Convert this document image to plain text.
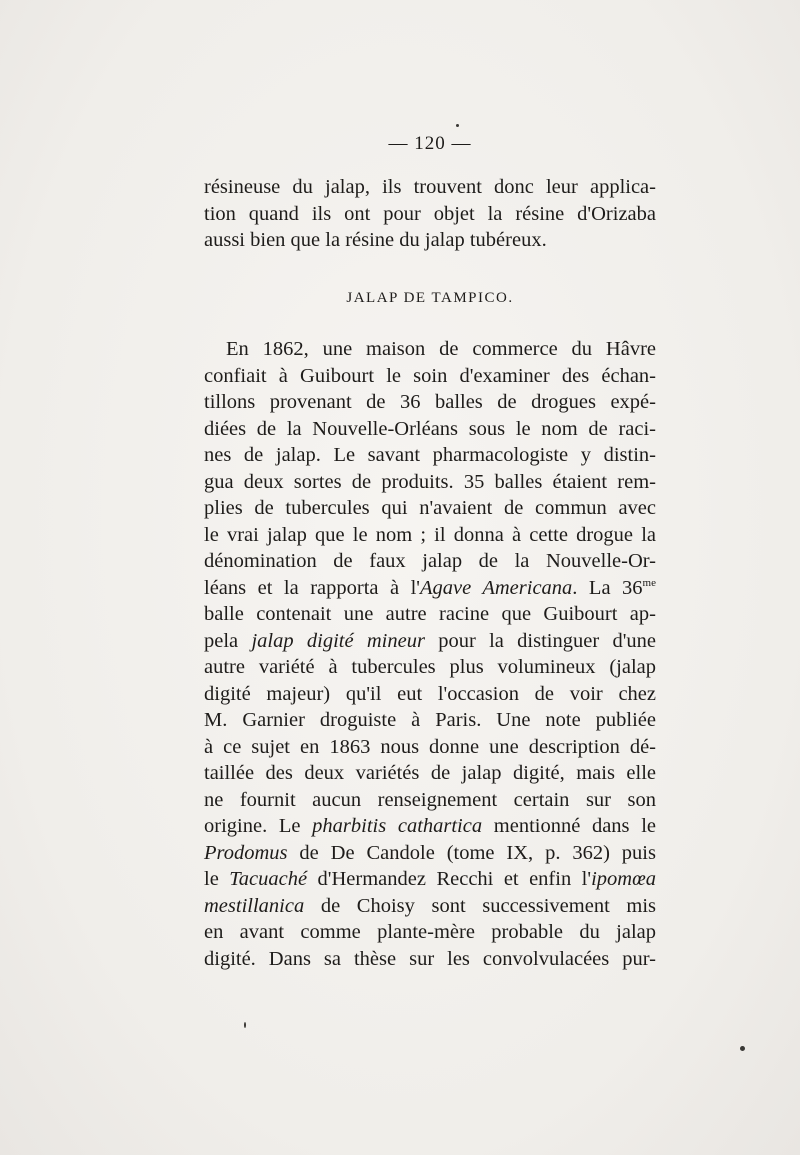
— 120 —
résineuse du jalap, ils trouvent donc leur applica-
tion quand ils ont pour objet la résine d'Orizaba
aussi bien que la résine du jalap tubéreux.
JALAP DE TAMPICO.
En 1862, une maison de commerce du Hâvre
confiait à Guibourt le soin d'examiner des échan-
tillons provenant de 36 balles de drogues expé-
diées de la Nouvelle-Orléans sous le nom de raci-
nes de jalap. Le savant pharmacologiste y distin-
gua deux sortes de produits. 35 balles étaient rem-
plies de tubercules qui n'avaient de commun avec
le vrai jalap que le nom ; il donna à cette drogue la
dénomination de faux jalap de la Nouvelle-Or-
léans et la rapporta à l'Agave Americana. La $36^{me}$
balle contenait une autre racine que Guibourt ap-
pela jalap digité mineur pour la distinguer d'une
autre variété à tubercules plus volumineux (jalap
digité majeur) qu'il eut l'occasion de voir chez
M. Garnier droguiste à Paris. Une note publiée
à ce sujet en 1863 nous donne une description dé-
taillée des deux variétés de jalap digité, mais elle
ne fournit aucun renseignement certain sur son
origine. Le pharbitis cathartica mentionné dans le
Prodomus de De Candole (tome IX, p. 362) puis
le Tacuaché d'Hermandez Recchi et enfin l'ipomœa
mestillanica de Choisy sont successivement mis
en avant comme plante-mère probable du jalap
digité. Dans sa thèse sur les convolvulacées pur-
